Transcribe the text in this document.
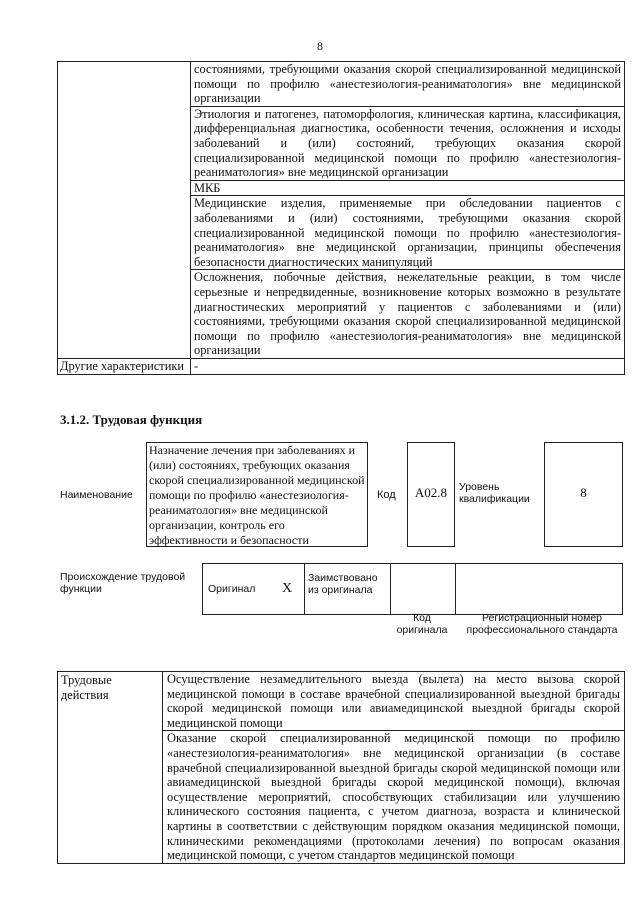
8
	состояниями, требующими оказания скорой специализированной медицинской помощи по профилю «анестезиология-реаниматология» вне медицинской организации
	Этиология и патогенез, патоморфология, клиническая картина, классификация, дифференциальная диагностика, особенности течения, осложнения и исходы заболеваний и (или) состояний, требующих оказания скорой специализированной медицинской помощи по профилю «анестезиология-реаниматология» вне медицинской организации
	МКБ
	Медицинские изделия, применяемые при обследовании пациентов с заболеваниями и (или) состояниями, требующими оказания скорой специализированной медицинской помощи по профилю «анестезиология-реаниматология» вне медицинской организации, принципы обеспечения безопасности диагностических манипуляций
	Осложнения, побочные действия, нежелательные реакции, в том числе серьезные и непредвиденные, возникновение которых возможно в результате диагностических мероприятий у пациентов с заболеваниями и (или) состояниями, требующими оказания скорой специализированной медицинской помощи по профилю «анестезиология-реаниматология» вне медицинской организации
Другие характеристики	-
3.1.2. Трудовая функция
Наименование
Назначение лечения при заболеваниях и (или) состояниях, требующих оказания скорой специализированной медицинской помощи по профилю «анестезиология-реаниматология» вне медицинской организации, контроль его эффективности и безопасности
Код	A02.8	Уровень квалификации	8
Происхождение трудовой функции	Оригинал	X	Заимствовано из оригинала		
Код оригинала
Регистрационный номер профессионального стандарта
Трудовые действия	Осуществление незамедлительного выезда (вылета) на место вызова скорой медицинской помощи в составе врачебной специализированной выездной бригады скорой медицинской помощи или авиамедицинской выездной бригады скорой медицинской помощи
Оказание скорой специализированной медицинской помощи по профилю «анестезиология-реаниматология» вне медицинской организации (в составе врачебной специализированной выездной бригады скорой медицинской помощи или авиамедицинской выездной бригады скорой медицинской помощи), включая осуществление мероприятий, способствующих стабилизации или улучшению клинического состояния пациента, с учетом диагноза, возраста и клинической картины в соответствии с действующим порядком оказания медицинской помощи, клиническими рекомендациями (протоколами лечения) по вопросам оказания медицинской помощи, с учетом стандартов медицинской помощи
